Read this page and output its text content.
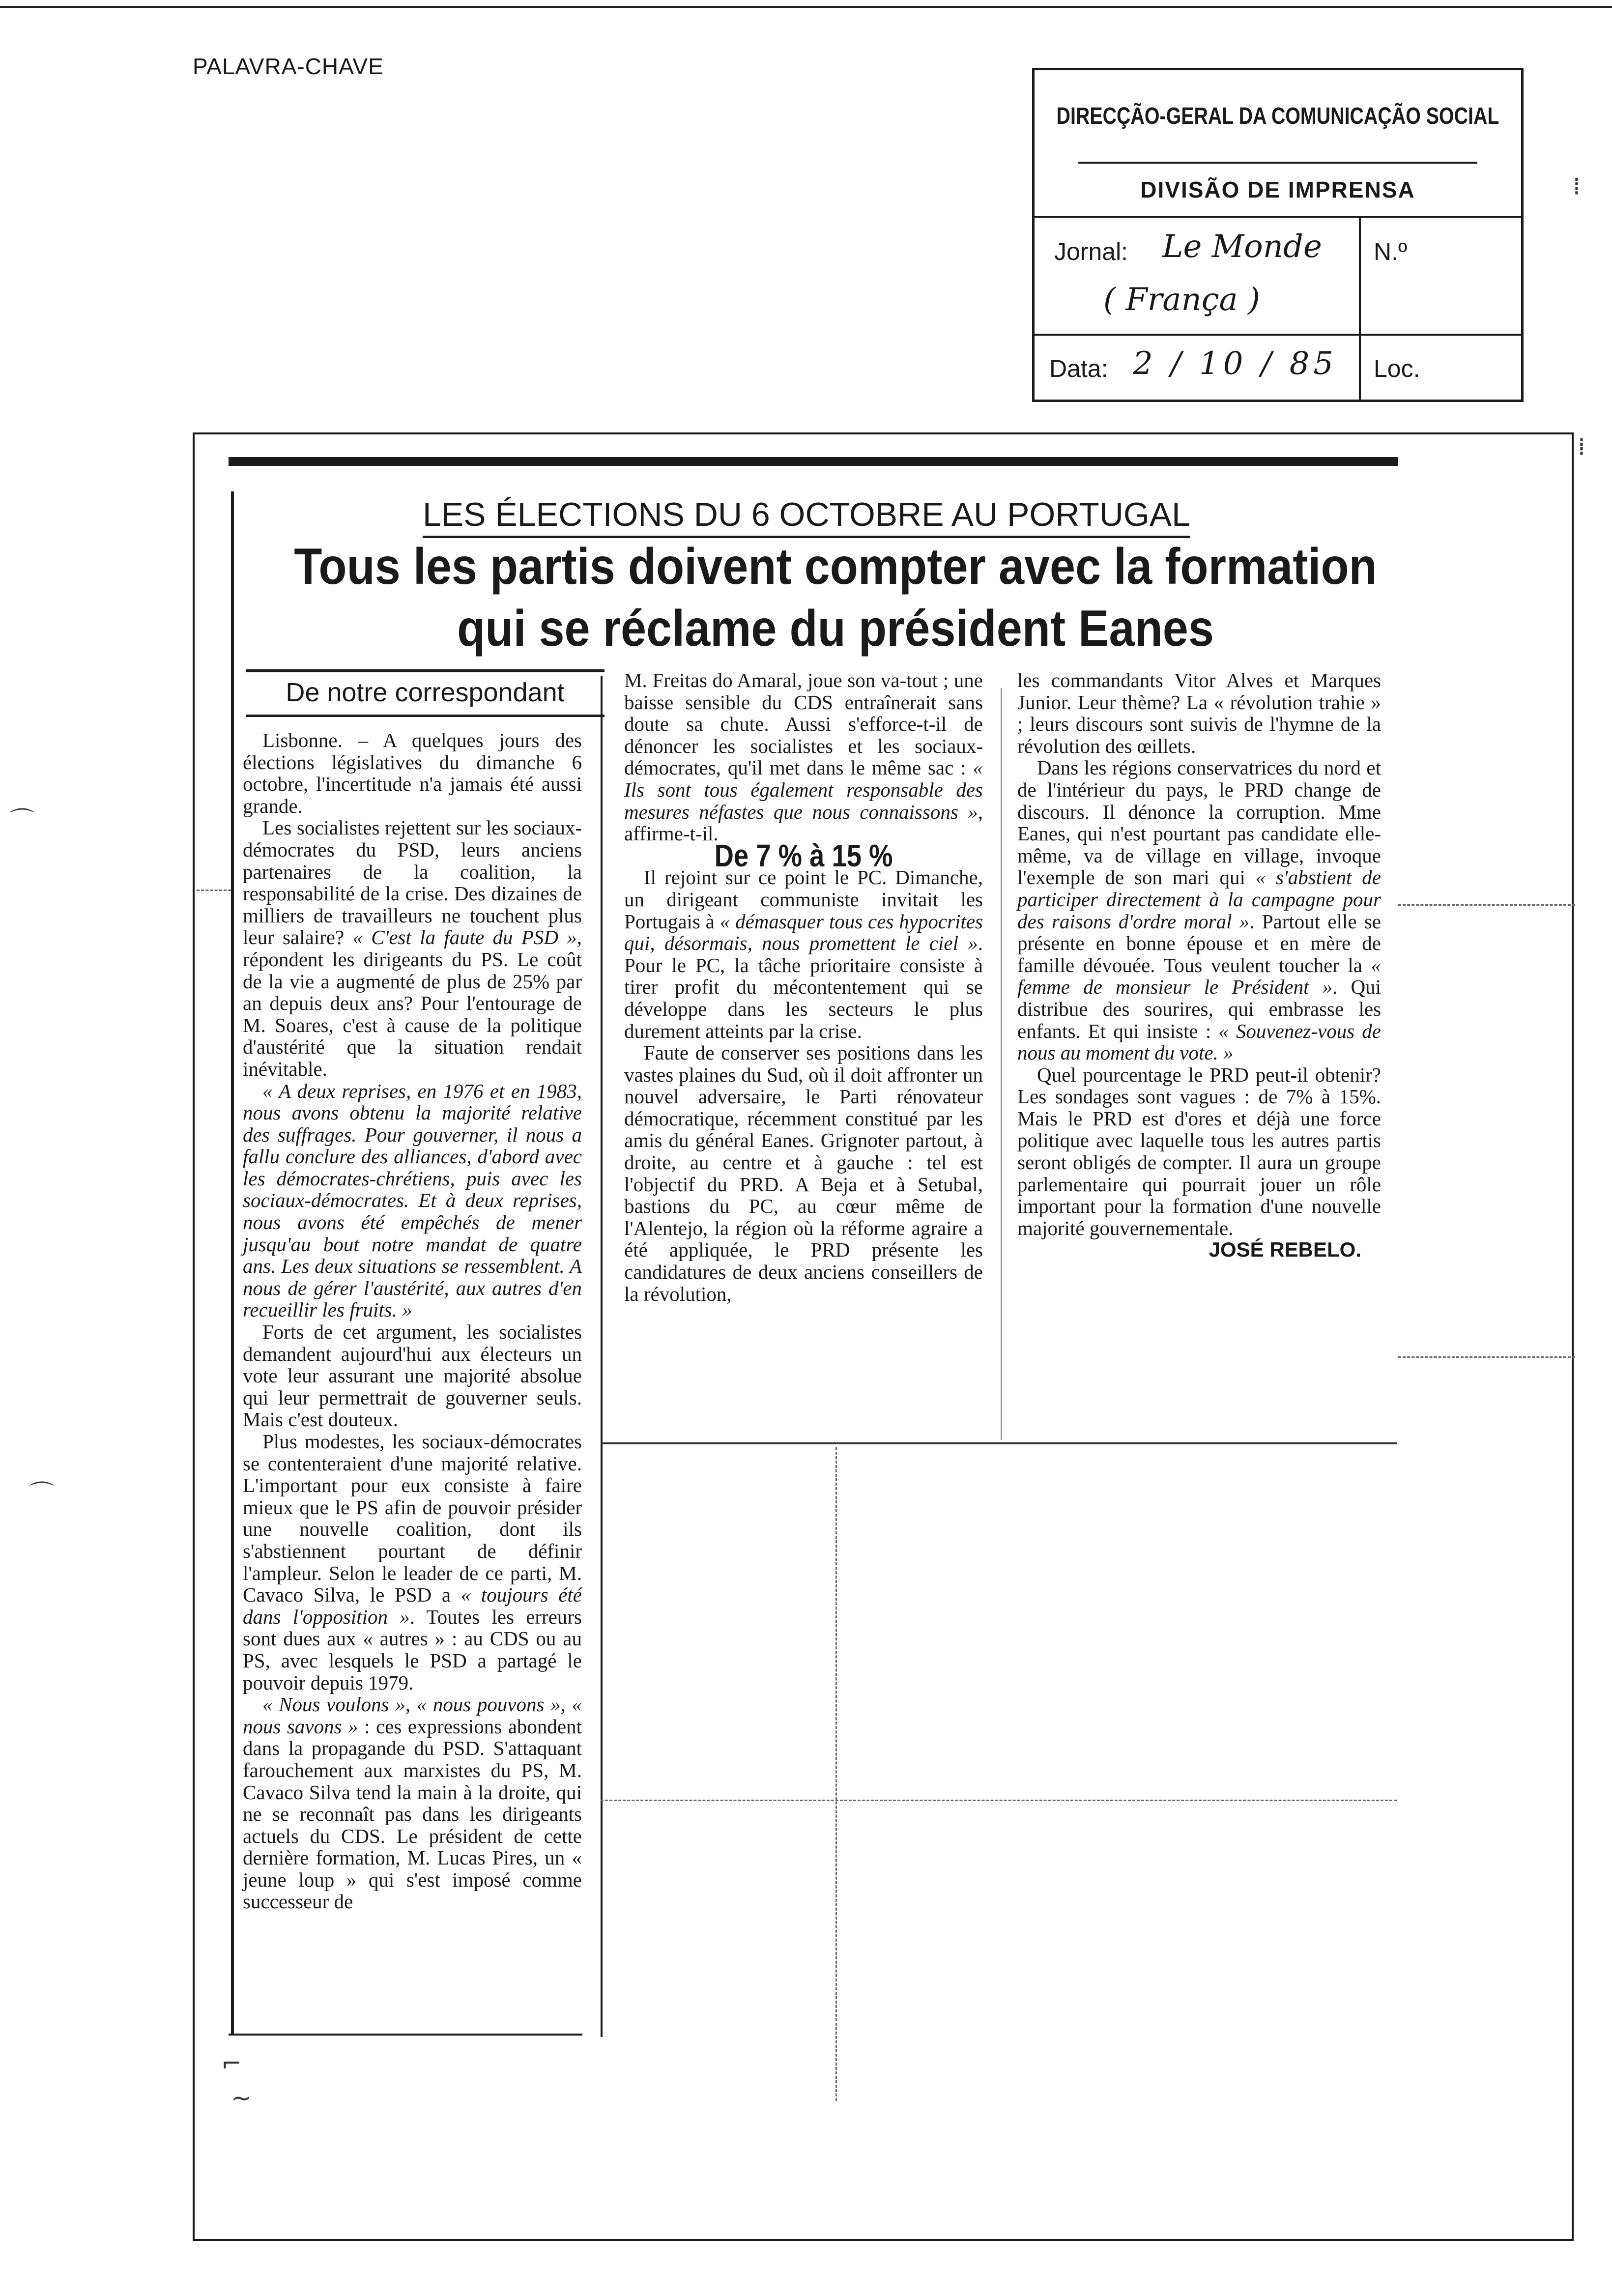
PALAVRA-CHAVE
DIRECÇÃO-GERAL DA COMUNICAÇÃO SOCIAL
DIVISÃO DE IMPRENSA
Jornal: Le Monde
( França )
N.º
Data: 2 / 10 / 85 Loc.
LES ÉLECTIONS DU 6 OCTOBRE AU PORTUGAL
Tous les partis doivent compter avec la formation
qui se réclame du président Eanes
De notre correspondant

Lisbonne. – A quelques jours des élections législatives du dimanche 6 octobre, l'incertitude n'a jamais été aussi grande.

Les socialistes rejettent sur les sociaux-démocrates du PSD, leurs anciens partenaires de la coalition, la responsabilité de la crise. Des dizaines de milliers de travailleurs ne touchent plus leur salaire? « C'est la faute du PSD », répondent les dirigeants du PS. Le coût de la vie a augmenté de plus de 25% par an depuis deux ans? Pour l'entourage de M. Soares, c'est à cause de la politique d'austérité que la situation rendait inévitable.

« A deux reprises, en 1976 et en 1983, nous avons obtenu la majorité relative des suffrages. Pour gouverner, il nous a fallu conclure des alliances, d'abord avec les démocrates-chrétiens, puis avec les sociaux-démocrates. Et à deux reprises, nous avons été empêchés de mener jusqu'au bout notre mandat de quatre ans. Les deux situations se ressemblent. A nous de gérer l'austérité, aux autres d'en recueillir les fruits. »

Forts de cet argument, les socialistes demandent aujourd'hui aux électeurs un vote leur assurant une majorité absolue qui leur permettrait de gouverner seuls. Mais c'est douteux.

Plus modestes, les sociaux-démocrates se contenteraient d'une majorité relative. L'important pour eux consiste à faire mieux que le PS afin de pouvoir présider une nouvelle coalition, dont ils s'abstiennent pourtant de définir l'ampleur. Selon le leader de ce parti, M. Cavaco Silva, le PSD a « toujours été dans l'opposition ». Toutes les erreurs sont dues aux « autres » : au CDS ou au PS, avec lesquels le PSD a partagé le pouvoir depuis 1979.

« Nous voulons », « nous pouvons », « nous savons » : ces expressions abondent dans la propagande du PSD. S'attaquant farouchement aux marxistes du PS, M. Cavaco Silva tend la main à la droite, qui ne se reconnaît pas dans les dirigeants actuels du CDS. Le président de cette dernière formation, M. Lucas Pires, un « jeune loup » qui s'est imposé comme successeur de

M. Freitas do Amaral, joue son va-tout ; une baisse sensible du CDS entraînerait sans doute sa chute. Aussi s'efforce-t-il de dénoncer les socialistes et les sociaux-démocrates, qu'il met dans le même sac : « Ils sont tous également responsable des mesures néfastes que nous connaissons », affirme-t-il.

De 7 % à 15 %

Il rejoint sur ce point le PC. Dimanche, un dirigeant communiste invitait les Portugais à « démasquer tous ces hypocrites qui, désormais, nous promettent le ciel ». Pour le PC, la tâche prioritaire consiste à tirer profit du mécontentement qui se développe dans les secteurs le plus durement atteints par la crise.

Faute de conserver ses positions dans les vastes plaines du Sud, où il doit affronter un nouvel adversaire, le Parti rénovateur démocratique, récemment constitué par les amis du général Eanes. Grignoter partout, à droite, au centre et à gauche : tel est l'objectif du PRD. A Beja et à Setubal, bastions du PC, au cœur même de l'Alentejo, la région où la réforme agraire a été appliquée, le PRD présente les candidatures de deux anciens conseillers de la révolution,

les commandants Vitor Alves et Marques Junior. Leur thème? La « révolution trahie » ; leurs discours sont suivis de l'hymne de la révolution des œillets.

Dans les régions conservatrices du nord et de l'intérieur du pays, le PRD change de discours. Il dénonce la corruption. Mme Eanes, qui n'est pourtant pas candidate elle-même, va de village en village, invoque l'exemple de son mari qui « s'abstient de participer directement à la campagne pour des raisons d'ordre moral ». Partout elle se présente en bonne épouse et en mère de famille dévouée. Tous veulent toucher la « femme de monsieur le Président ». Qui distribue des sourires, qui embrasse les enfants. Et qui insiste : « Souvenez-vous de nous au moment du vote. »

Quel pourcentage le PRD peut-il obtenir? Les sondages sont vagues : de 7% à 15%. Mais le PRD est d'ores et déjà une force politique avec laquelle tous les autres partis seront obligés de compter. Il aura un groupe parlementaire qui pourrait jouer un rôle important pour la formation d'une nouvelle majorité gouvernementale.

JOSÉ REBELO.

⌐
~
⁞
⁞
⌒
⌒
